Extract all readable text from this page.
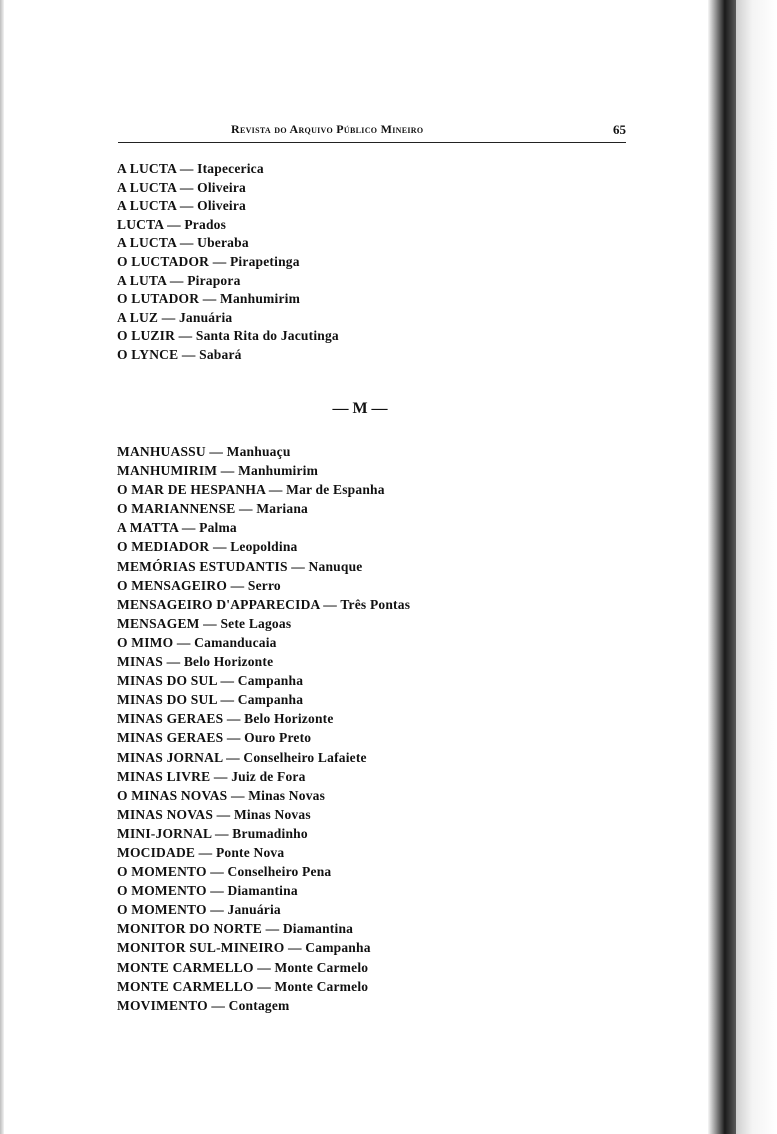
Revista do Arquivo Público Mineiro	65
A LUCTA — Itapecerica
A LUCTA — Oliveira
A LUCTA — Oliveira
LUCTA — Prados
A LUCTA — Uberaba
O LUCTADOR — Pirapetinga
A LUTA — Pirapora
O LUTADOR — Manhumirim
A LUZ — Januária
O LUZIR — Santa Rita do Jacutinga
O LYNCE — Sabará
— M —
MANHUASSU — Manhuaçu
MANHUMIRIM — Manhumirim
O MAR DE HESPANHA — Mar de Espanha
O MARIANNENSE — Mariana
A MATTA — Palma
O MEDIADOR — Leopoldina
MEMÓRIAS ESTUDANTIS — Nanuque
O MENSAGEIRO — Serro
MENSAGEIRO D'APPARECIDA — Três Pontas
MENSAGEM — Sete Lagoas
O MIMO — Camanducaia
MINAS — Belo Horizonte
MINAS DO SUL — Campanha
MINAS DO SUL — Campanha
MINAS GERAES — Belo Horizonte
MINAS GERAES — Ouro Preto
MINAS JORNAL — Conselheiro Lafaiete
MINAS LIVRE — Juiz de Fora
O MINAS NOVAS — Minas Novas
MINAS NOVAS — Minas Novas
MINI-JORNAL — Brumadinho
MOCIDADE — Ponte Nova
O MOMENTO — Conselheiro Pena
O MOMENTO — Diamantina
O MOMENTO — Januária
MONITOR DO NORTE — Diamantina
MONITOR SUL-MINEIRO — Campanha
MONTE CARMELLO — Monte Carmelo
MONTE CARMELLO — Monte Carmelo
MOVIMENTO — Contagem
